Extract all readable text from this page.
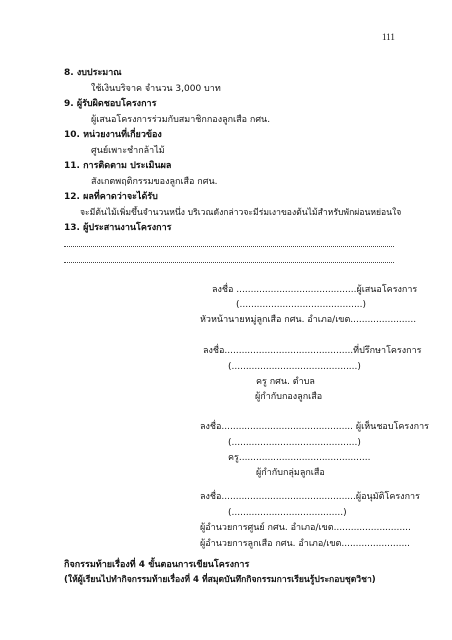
111
8. งบประมาณ
ใช้เงินบริจาค จำนวน 3,000 บาท
9. ผู้รับผิดชอบโครงการ
ผู้เสนอโครงการร่วมกับสมาชิกกองลูกเสือ กศน.
10. หน่วยงานที่เกี่ยวข้อง
ศูนย์เพาะชำกล้าไม้
11. การติดตาม ประเมินผล
สังเกตพฤติกรรมของลูกเสือ กศน.
12. ผลที่คาดว่าจะได้รับ
จะมีต้นไม้เพิ่มขึ้นจำนวนหนึ่ง บริเวณดังกล่าวจะมีร่มเงาของต้นไม้สำหรับพักผ่อนหย่อนใจ
13. ผู้ประสานงานโครงการ
ลงชื่อ ..........................................ผู้เสนอโครงการ
(...........................................)
หัวหน้านายหมู่ลูกเสือ กศน. อำเภอ/เขต.......................
ลงชื่อ.............................................ที่ปรึกษาโครงการ
(............................................)
ครู กศน. ตำบล
ผู้กำกับกองลูกเสือ
ลงชื่อ.............................................. ผู้เห็นชอบโครงการ
(............................................)
ครู..............................................
ผู้กำกับกลุ่มลูกเสือ
ลงชื่อ...............................................ผู้อนุมัติโครงการ
(.......................................)
ผู้อำนวยการศูนย์ กศน. อำเภอ/เขต...........................
ผู้อำนวยการลูกเสือ กศน. อำเภอ/เขต........................
กิจกรรมท้ายเรื่องที่ 4 ขั้นตอนการเขียนโครงการ
(ให้ผู้เรียนไปทำกิจกรรมท้ายเรื่องที่ 4 ที่สมุดบันทึกกิจกรรมการเรียนรู้ประกอบชุดวิชา)
